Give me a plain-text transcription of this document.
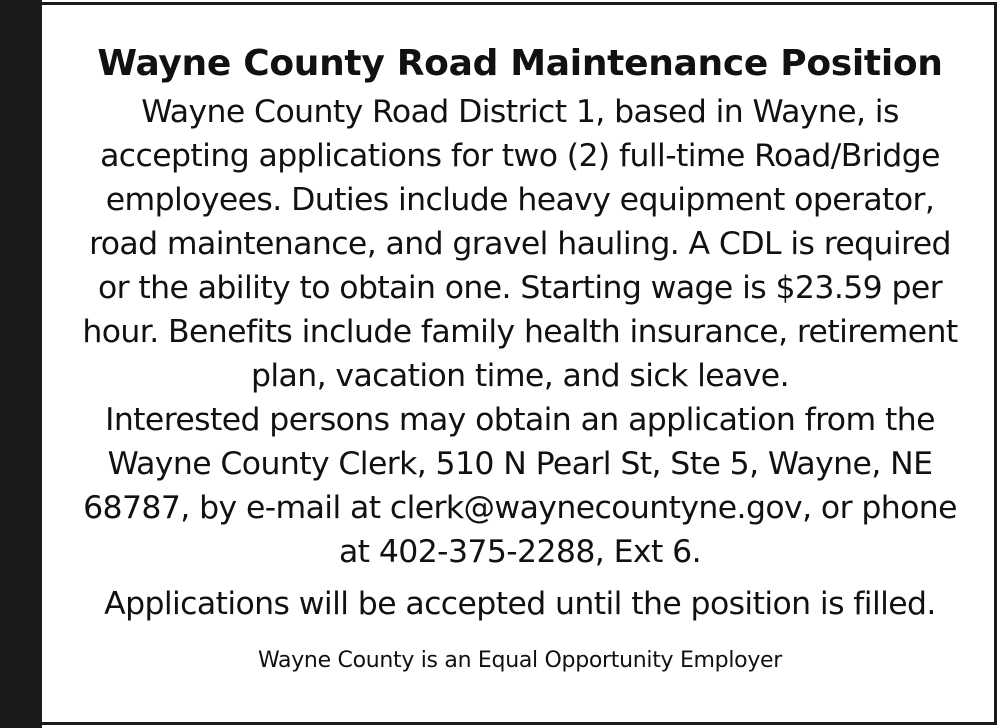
Wayne County Road Maintenance Position
Wayne County Road District 1, based in Wayne, is
accepting applications for two (2) full-time Road/Bridge
employees. Duties include heavy equipment operator,
road maintenance, and gravel hauling. A CDL is required
or the ability to obtain one. Starting wage is $23.59 per
hour. Benefits include family health insurance, retirement
plan, vacation time, and sick leave.
Interested persons may obtain an application from the
Wayne County Clerk, 510 N Pearl St, Ste 5, Wayne, NE
68787, by e-mail at clerk@waynecountyne.gov, or phone
at 402-375-2288, Ext 6.
Applications will be accepted until the position is filled.
Wayne County is an Equal Opportunity Employer
